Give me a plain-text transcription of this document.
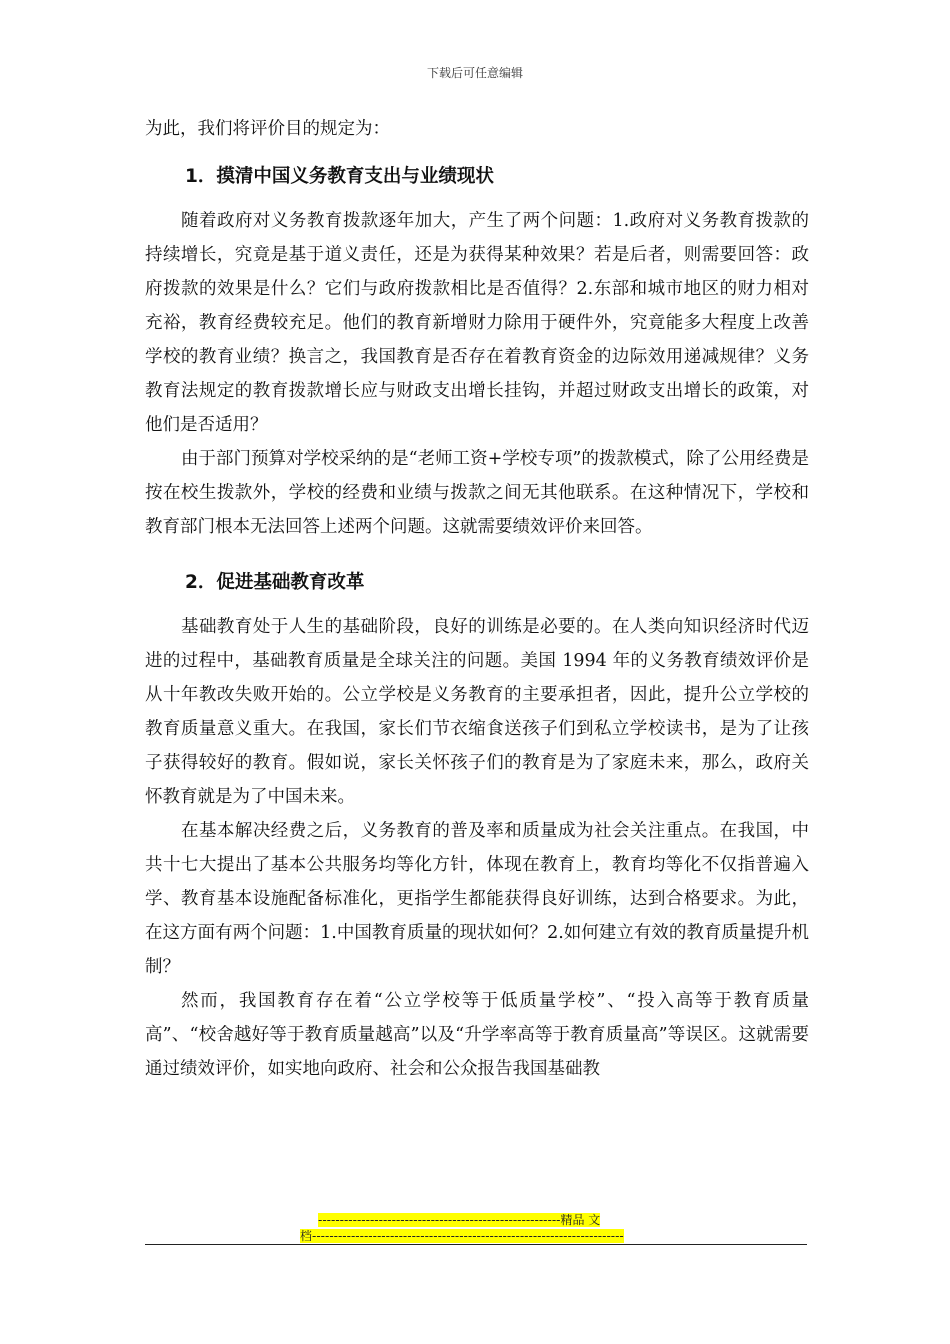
下载后可任意编辑

为此，我们将评价目的规定为：

1．摸清中国义务教育支出与业绩现状

随着政府对义务教育拨款逐年加大，产生了两个问题：1.政府对义务教育拨款的持续增长，究竟是基于道义责任，还是为获得某种效果？若是后者，则需要回答：政府拨款的效果是什么？它们与政府拨款相比是否值得？2.东部和城市地区的财力相对充裕，教育经费较充足。他们的教育新增财力除用于硬件外，究竟能多大程度上改善学校的教育业绩？换言之，我国教育是否存在着教育资金的边际效用递减规律？义务教育法规定的教育拨款增长应与财政支出增长挂钩，并超过财政支出增长的政策，对他们是否适用？

由于部门预算对学校采纳的是“老师工资+学校专项”的拨款模式，除了公用经费是按在校生拨款外，学校的经费和业绩与拨款之间无其他联系。在这种情况下，学校和教育部门根本无法回答上述两个问题。这就需要绩效评价来回答。

2．促进基础教育改革

基础教育处于人生的基础阶段，良好的训练是必要的。在人类向知识经济时代迈进的过程中，基础教育质量是全球关注的问题。美国 1994 年的义务教育绩效评价是从十年教改失败开始的。公立学校是义务教育的主要承担者，因此，提升公立学校的教育质量意义重大。在我国，家长们节衣缩食送孩子们到私立学校读书，是为了让孩子获得较好的教育。假如说，家长关怀孩子们的教育是为了家庭未来，那么，政府关怀教育就是为了中国未来。

在基本解决经费之后，义务教育的普及率和质量成为社会关注重点。在我国，中共十七大提出了基本公共服务均等化方针，体现在教育上，教育均等化不仅指普遍入学、教育基本设施配备标准化，更指学生都能获得良好训练，达到合格要求。为此，在这方面有两个问题：1.中国教育质量的现状如何？2.如何建立有效的教育质量提升机制？

然而，我国教育存在着“公立学校等于低质量学校”、“投入高等于教育质量高”、“校舍越好等于教育质量越高”以及“升学率高等于教育质量高”等误区。这就需要通过绩效评价，如实地向政府、社会和公众报告我国基础教

--------------------------------------------------------精品 文
档------------------------------------------------------------------------
